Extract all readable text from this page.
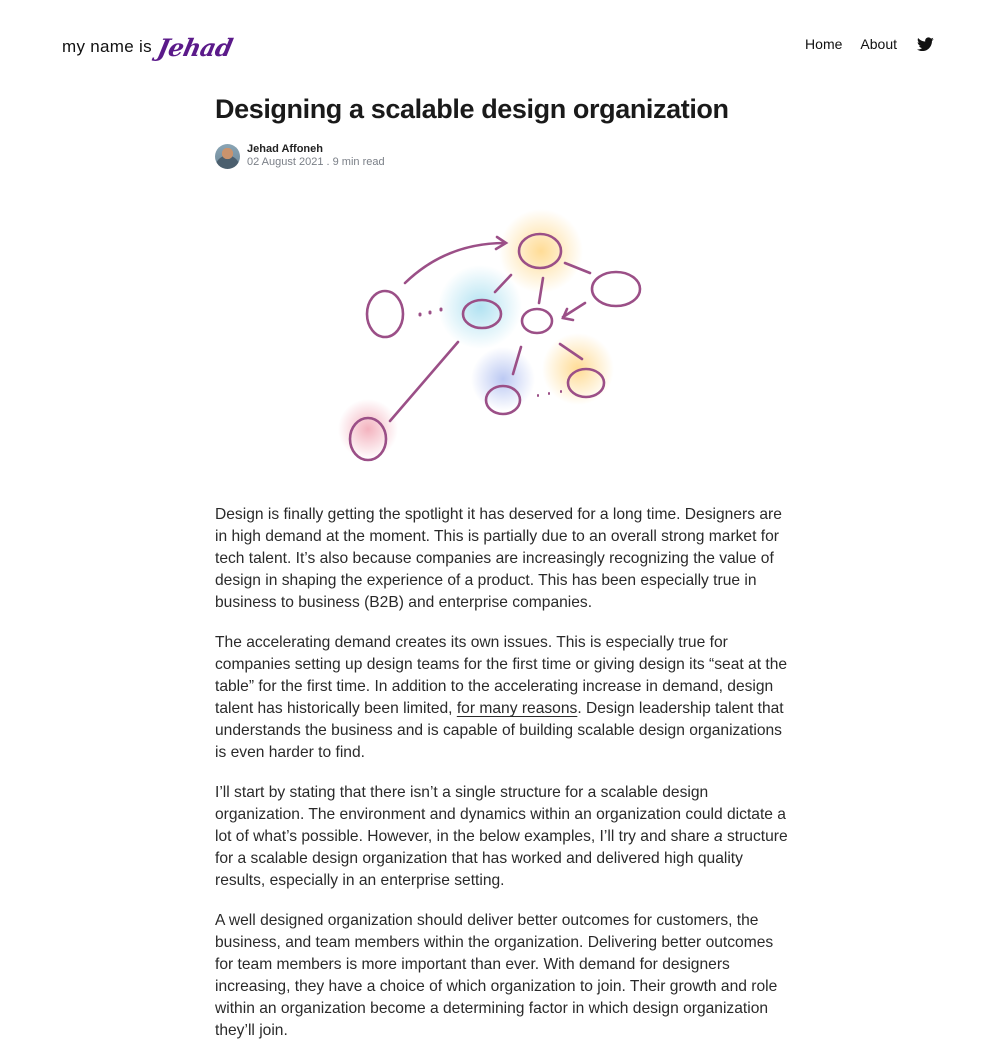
my name is Jehad	Home About
Designing a scalable design organization
Jehad Affoneh
02 August 2021 . 9 min read

Design is finally getting the spotlight it has deserved for a long time. Designers are in high demand at the moment. This is partially due to an overall strong market for tech talent. It’s also because companies are increasingly recognizing the value of design in shaping the experience of a product. This has been especially true in business to business (B2B) and enterprise companies.

The accelerating demand creates its own issues. This is especially true for companies setting up design teams for the first time or giving design its “seat at the table” for the first time. In addition to the accelerating increase in demand, design talent has historically been limited, for many reasons. Design leadership talent that understands the business and is capable of building scalable design organizations is even harder to find.

I’ll start by stating that there isn’t a single structure for a scalable design organization. The environment and dynamics within an organization could dictate a lot of what’s possible. However, in the below examples, I’ll try and share a structure for a scalable design organization that has worked and delivered high quality results, especially in an enterprise setting.

A well designed organization should deliver better outcomes for customers, the business, and team members within the organization. Delivering better outcomes for team members is more important than ever. With demand for designers increasing, they have a choice of which organization to join. Their growth and role within an organization become a determining factor in which design organization they’ll join.
